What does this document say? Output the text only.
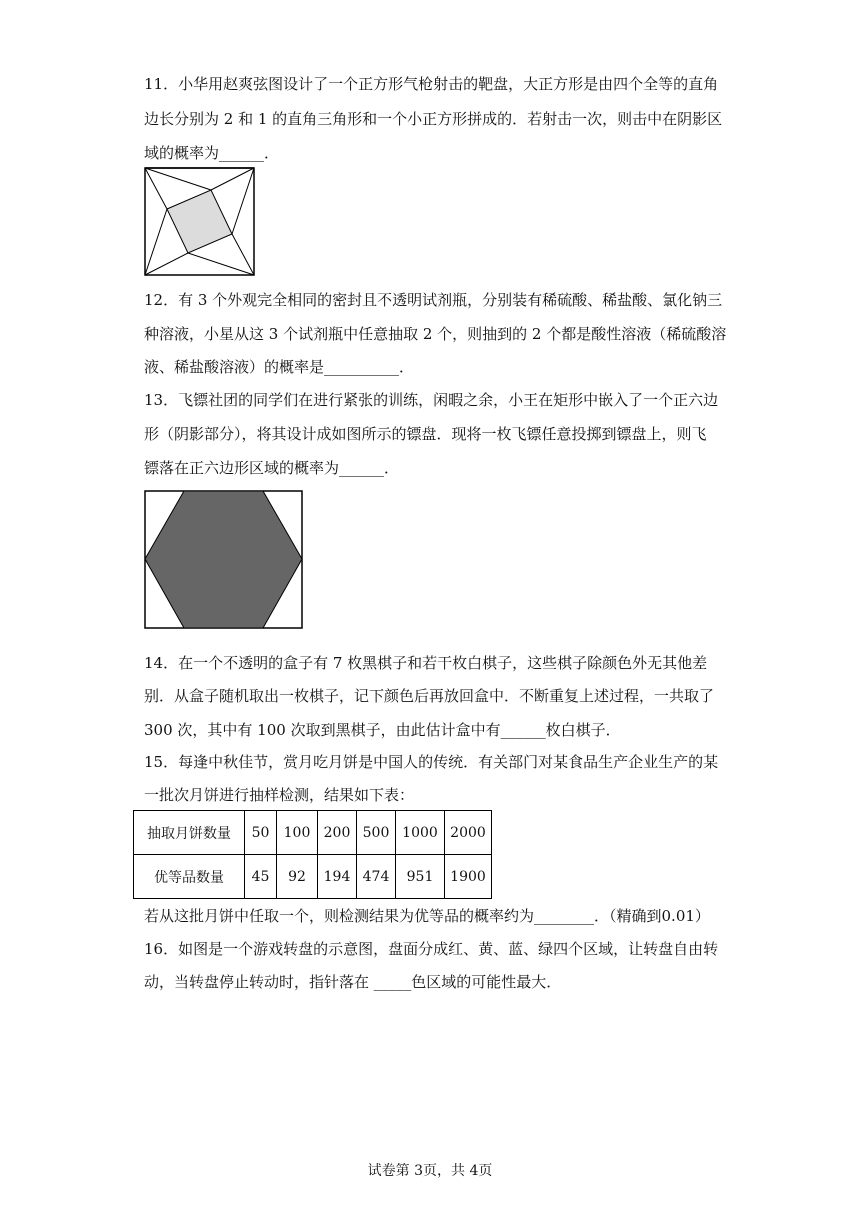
11．小华用赵爽弦图设计了一个正方形气枪射击的靶盘，大正方形是由四个全等的直角
边长分别为 2 和 1 的直角三角形和一个小正方形拼成的．若射击一次，则击中在阴影区
域的概率为______．
12．有 3 个外观完全相同的密封且不透明试剂瓶，分别装有稀硫酸、稀盐酸、氯化钠三
种溶液，小星从这 3 个试剂瓶中任意抽取 2 个，则抽到的 2 个都是酸性溶液（稀硫酸溶
液、稀盐酸溶液）的概率是__________．
13．飞镖社团的同学们在进行紧张的训练，闲暇之余，小王在矩形中嵌入了一个正六边
形（阴影部分），将其设计成如图所示的镖盘．现将一枚飞镖任意投掷到镖盘上，则飞
镖落在正六边形区域的概率为______．
14．在一个不透明的盒子有 7 枚黑棋子和若干枚白棋子，这些棋子除颜色外无其他差
别．从盒子随机取出一枚棋子，记下颜色后再放回盒中．不断重复上述过程，一共取了
300 次，其中有 100 次取到黑棋子，由此估计盒中有______枚白棋子．
15．每逢中秋佳节，赏月吃月饼是中国人的传统．有关部门对某食品生产企业生产的某
一批次月饼进行抽样检测，结果如下表：
抽取月饼数量	50	100	200	500	1000	2000
优等品数量	45	92	194	474	951	1900
若从这批月饼中任取一个，则检测结果为优等品的概率约为________．（精确到0.01）
16．如图是一个游戏转盘的示意图，盘面分成红、黄、蓝、绿四个区域，让转盘自由转
动，当转盘停止转动时，指针落在 _____色区域的可能性最大．
试卷第 3页，共 4页
